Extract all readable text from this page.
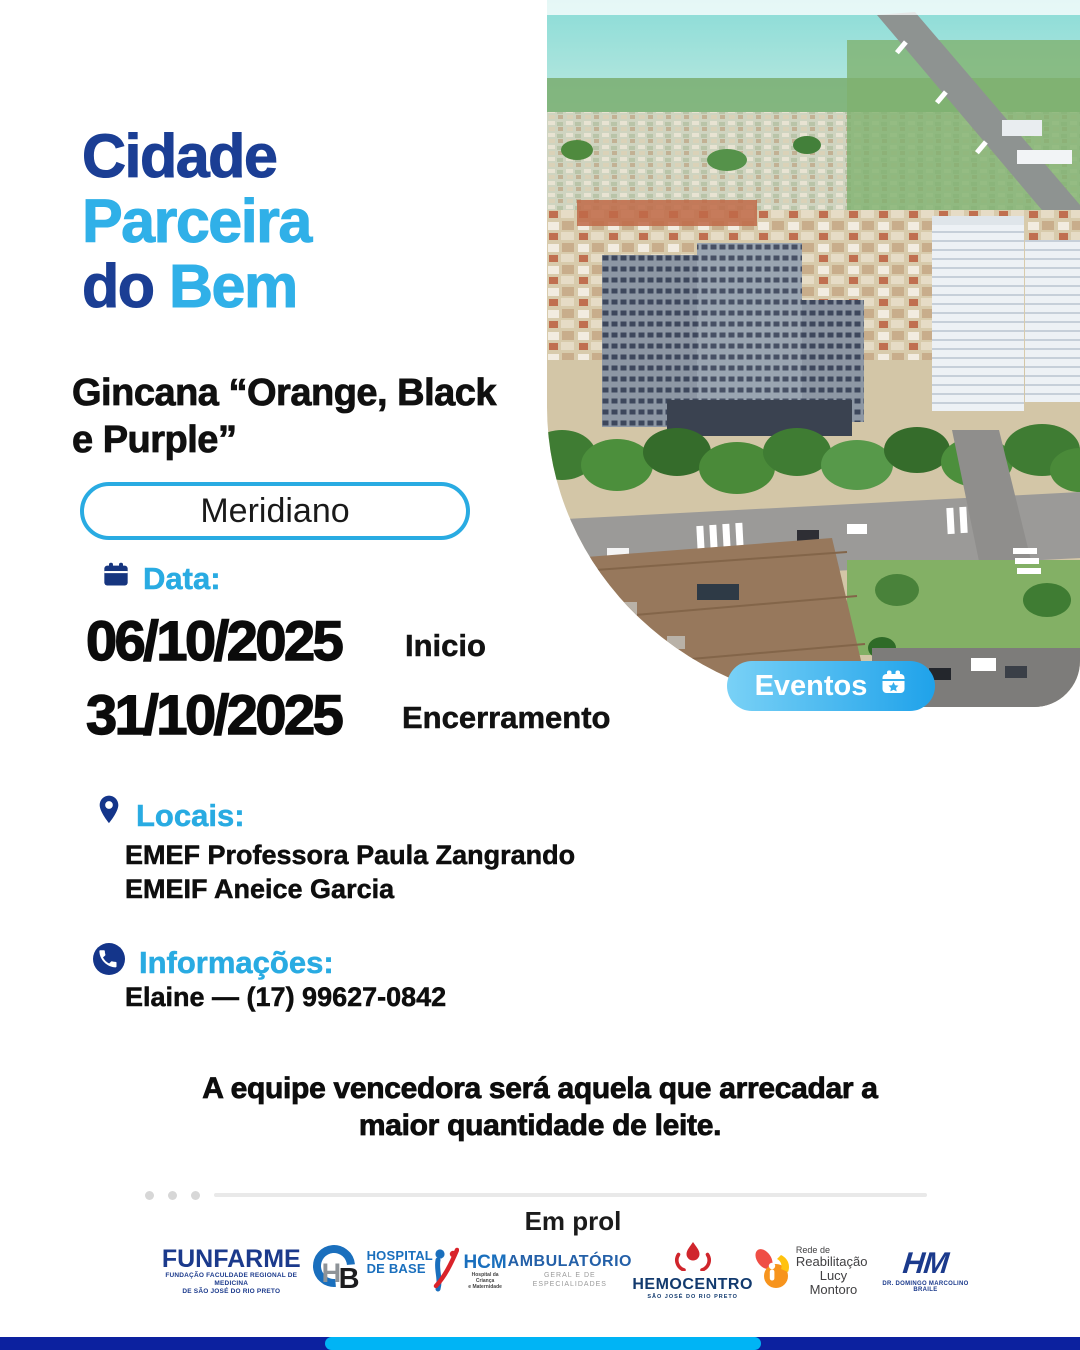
Eventos
Cidade
Parceira
do Bem
Gincana “Orange, Black
e Purple”
Meridiano
Data:
06/10/2025 Inicio
31/10/2025 Encerramento
Locais:
EMEF Professora Paula Zangrando
EMEIF Aneice Garcia
Informações:
Elaine — (17) 99627-0842
A equipe vencedora será aquela que arrecadar a
maior quantidade de leite.
Em prol
FUNFARME
FUNDAÇÃO FACULDADE REGIONAL DE MEDICINA
DE SÃO JOSÉ DO RIO PRETO
H
B
HOSPITAL
DE BASE HCM
Hospital da Criança
e Maternidade
AMBULATÓRIO
GERAL E DE ESPECIALIDADES	HEMOCENTRO
SÃO JOSÉ DO RIO PRETO
Rede de
Reabilitação
Lucy Montoro
HM
DR. DOMINGO MARCOLINO BRAILE
